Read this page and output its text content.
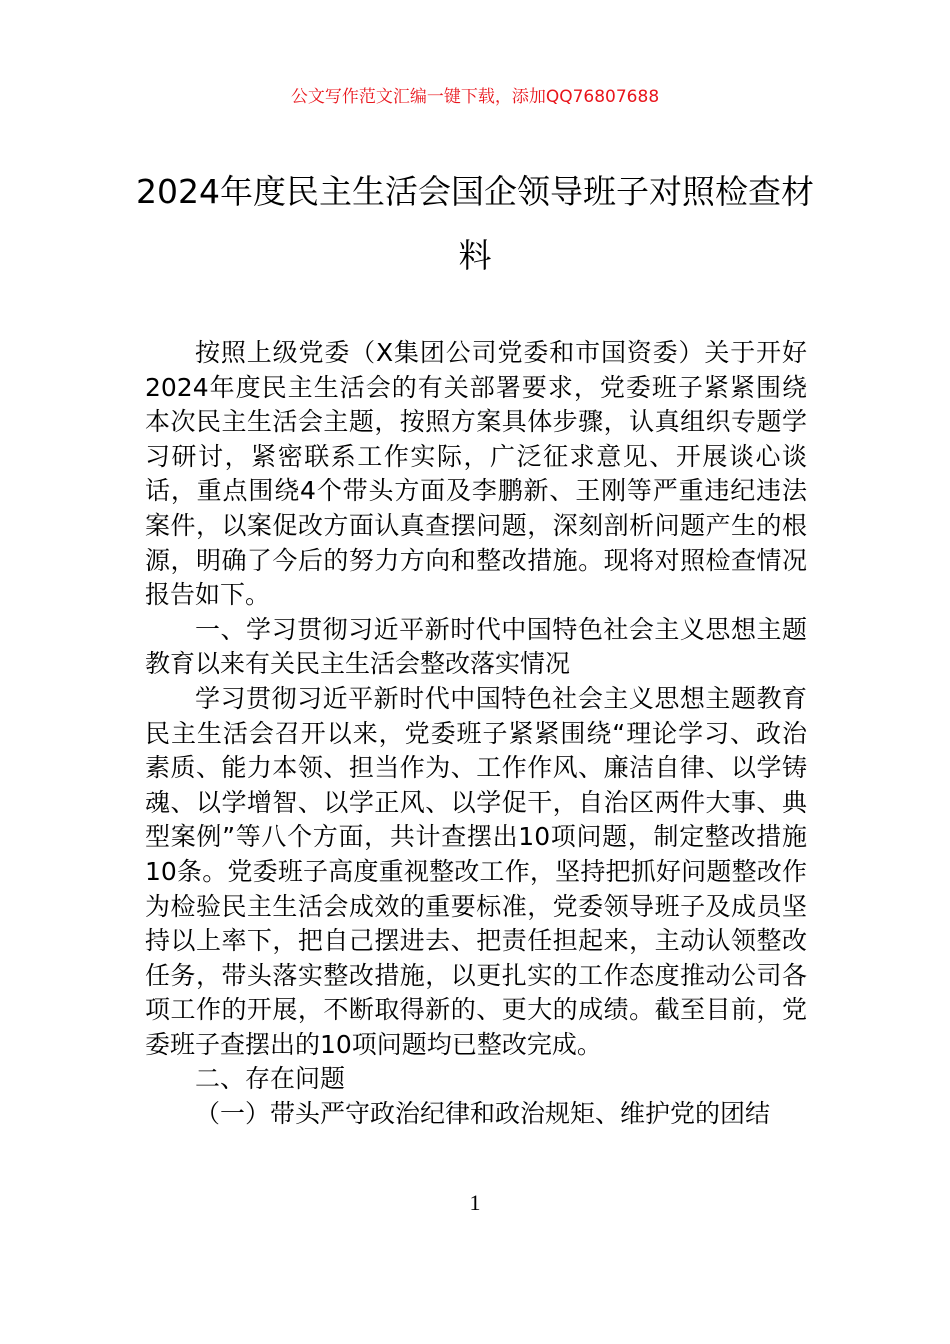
公文写作范文汇编一键下载，添加QQ76807688
2024年度民主生活会国企领导班子对照检查材料

按照上级党委（X集团公司党委和市国资委）关于开好2024年度民主生活会的有关部署要求，党委班子紧紧围绕本次民主生活会主题，按照方案具体步骤，认真组织专题学习研讨，紧密联系工作实际，广泛征求意见、开展谈心谈话，重点围绕4个带头方面及李鹏新、王刚等严重违纪违法案件，以案促改方面认真查摆问题，深刻剖析问题产生的根源，明确了今后的努力方向和整改措施。现将对照检查情况报告如下。

一、学习贯彻习近平新时代中国特色社会主义思想主题教育以来有关民主生活会整改落实情况

学习贯彻习近平新时代中国特色社会主义思想主题教育民主生活会召开以来，党委班子紧紧围绕“理论学习、政治素质、能力本领、担当作为、工作作风、廉洁自律、以学铸魂、以学增智、以学正风、以学促干，自治区两件大事、典型案例”等八个方面，共计查摆出10项问题，制定整改措施10条。党委班子高度重视整改工作，坚持把抓好问题整改作为检验民主生活会成效的重要标准，党委领导班子及成员坚持以上率下，把自己摆进去、把责任担起来，主动认领整改任务，带头落实整改措施，以更扎实的工作态度推动公司各项工作的开展，不断取得新的、更大的成绩。截至目前，党委班子查摆出的10项问题均已整改完成。

二、存在问题

（一）带头严守政治纪律和政治规矩、维护党的团结

1
